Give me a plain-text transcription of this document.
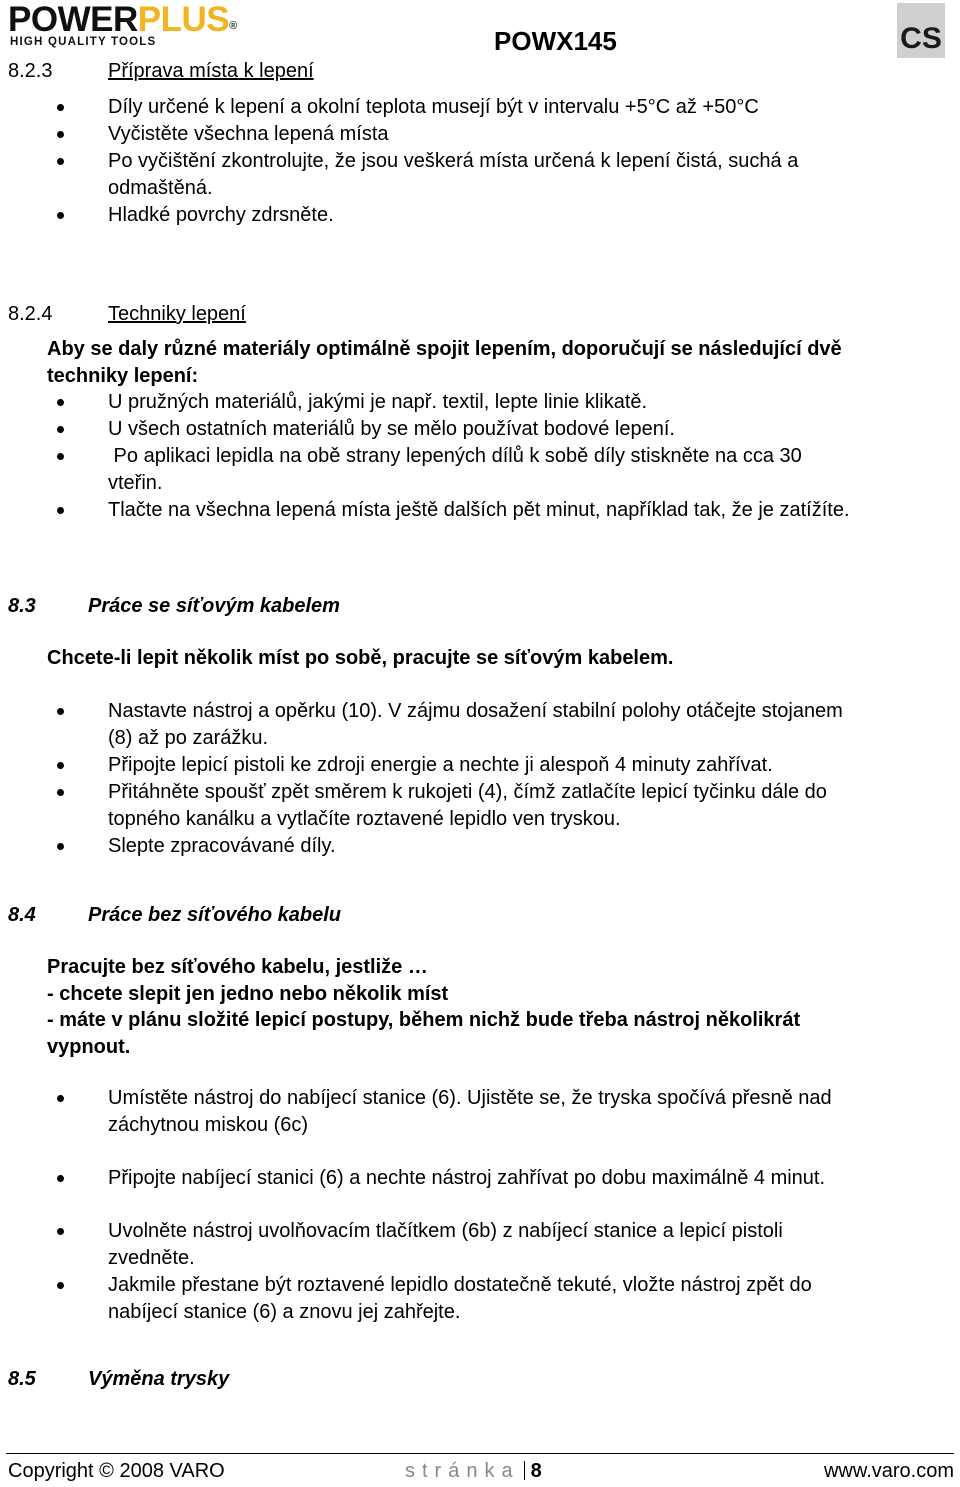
POWERPLUS®
HIGH QUALITY TOOLS	POWX145	CS
8.2.3	Příprava místa k lepení
Díly určené k lepení a okolní teplota musejí být v intervalu +5°C až +50°C
Vyčistěte všechna lepená místa
Po vyčištění zkontrolujte, že jsou veškerá místa určená k lepení čistá, suchá a
odmaštěná.
Hladké povrchy zdrsněte.
8.2.4	Techniky lepení
Aby se daly různé materiály optimálně spojit lepením, doporučují se následující dvě
techniky lepení:
U pružných materiálů, jakými je např. textil, lepte linie klikatě.
U všech ostatních materiálů by se mělo používat bodové lepení.
Po aplikaci lepidla na obě strany lepených dílů k sobě díly stiskněte na cca 30
vteřin.
Tlačte na všechna lepená místa ještě dalších pět minut, například tak, že je zatížíte.
8.3	Práce se síťovým kabelem
Chcete-li lepit několik míst po sobě, pracujte se síťovým kabelem.
Nastavte nástroj a opěrku (10). V zájmu dosažení stabilní polohy otáčejte stojanem
(8) až po zarážku.
Připojte lepicí pistoli ke zdroji energie a nechte ji alespoň 4 minuty zahřívat.
Přitáhněte spoušť zpět směrem k rukojeti (4), čímž zatlačíte lepicí tyčinku dále do
topného kanálku a vytlačíte roztavené lepidlo ven tryskou.
Slepte zpracovávané díly.
8.4	Práce bez síťového kabelu
Pracujte bez síťového kabelu, jestliže …
- chcete slepit jen jedno nebo několik míst
- máte v plánu složité lepicí postupy, během nichž bude třeba nástroj několikrát
vypnout.
Umístěte nástroj do nabíjecí stanice (6). Ujistěte se, že tryska spočívá přesně nad
záchytnou miskou (6c)
Připojte nabíjecí stanici (6) a nechte nástroj zahřívat po dobu maximálně 4 minut.
Uvolněte nástroj uvolňovacím tlačítkem (6b) z nabíjecí stanice a lepicí pistoli
zvedněte.
Jakmile přestane být roztavené lepidlo dostatečně tekuté, vložte nástroj zpět do
nabíjecí stanice (6) a znovu jej zahřejte.
8.5	Výměna trysky
Copyright © 2008 VARO	stránka 8	www.varo.com
